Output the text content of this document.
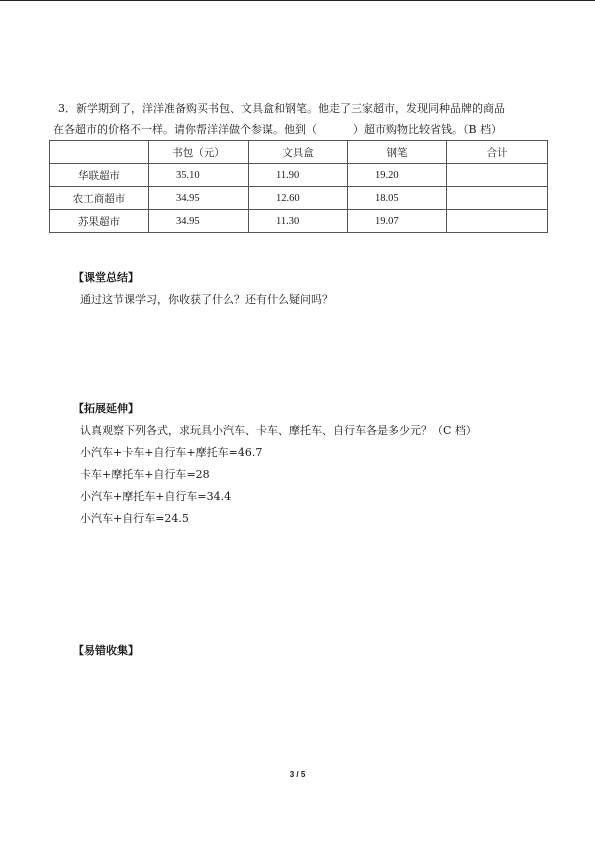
3．新学期到了，洋洋准备购买书包、文具盒和钢笔。他走了三家超市，发现同种品牌的商品
在各超市的价格不一样。请你帮洋洋做个参谋。他到（	）超市购物比较省钱。（B 档）
	书包（元）	文具盒	钢笔	合计
华联超市	35.10	11.90	19.20	
农工商超市	34.95	12.60	18.05	
苏果超市	34.95	11.30	19.07	
【课堂总结】
通过这节课学习，你收获了什么？还有什么疑问吗？
【拓展延伸】
认真观察下列各式，求玩具小汽车、卡车、摩托车、自行车各是多少元？（C 档）
小汽车+卡车+自行车+摩托车=46.7
卡车+摩托车+自行车=28
小汽车+摩托车+自行车=34.4
小汽车+自行车=24.5
【易错收集】
3 / 5
